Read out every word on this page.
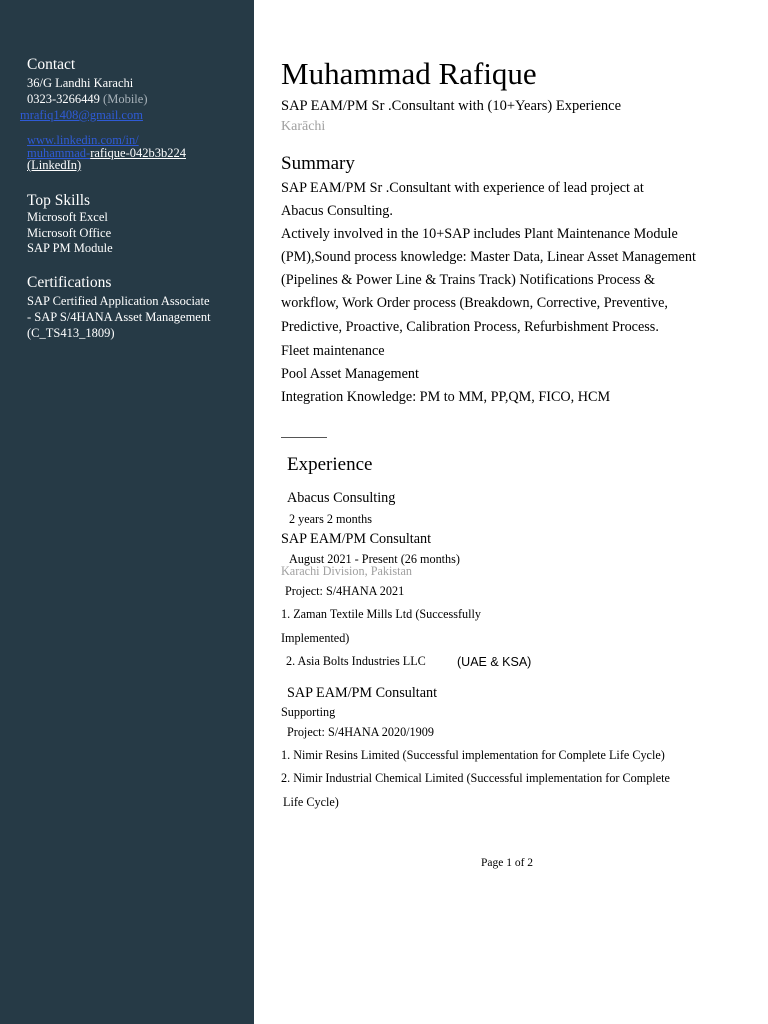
Contact
36/G Landhi Karachi
0323-3266449 (Mobile)
mrafiq1408@gmail.com
www.linkedin.com/in/
muhammad-rafique-042b3b224
(LinkedIn)
Top Skills
Microsoft Excel
Microsoft Office
SAP PM Module
Certifications
SAP Certified Application Associate
- SAP S/4HANA Asset Management
(C_TS413_1809)
Muhammad Rafique
SAP EAM/PM Sr .Consultant with (10+Years) Experience
Karāchi
Summary
SAP EAM/PM Sr .Consultant with experience of lead project at
Abacus Consulting.
Actively involved in the 10+SAP includes Plant Maintenance Module
(PM),Sound process knowledge: Master Data, Linear Asset Management
(Pipelines & Power Line & Trains Track) Notifications Process &
workflow, Work Order process (Breakdown, Corrective, Preventive,
Predictive, Proactive, Calibration Process, Refurbishment Process.
Fleet maintenance
Pool Asset Management
Integration Knowledge: PM to MM, PP,QM, FICO, HCM
Experience
Abacus Consulting
2 years 2 months
SAP EAM/PM Consultant
August 2021 - Present (26 months)
Karachi Division, Pakistan
Project: S/4HANA 2021
1. Zaman Textile Mills Ltd (Successfully
Implemented)
2. Asia Bolts Industries LLC (UAE & KSA)
SAP EAM/PM Consultant
Supporting
Project: S/4HANA 2020/1909
1. Nimir Resins Limited (Successful implementation for Complete Life Cycle)
2. Nimir Industrial Chemical Limited (Successful implementation for Complete
Life Cycle)
Page 1 of 2
